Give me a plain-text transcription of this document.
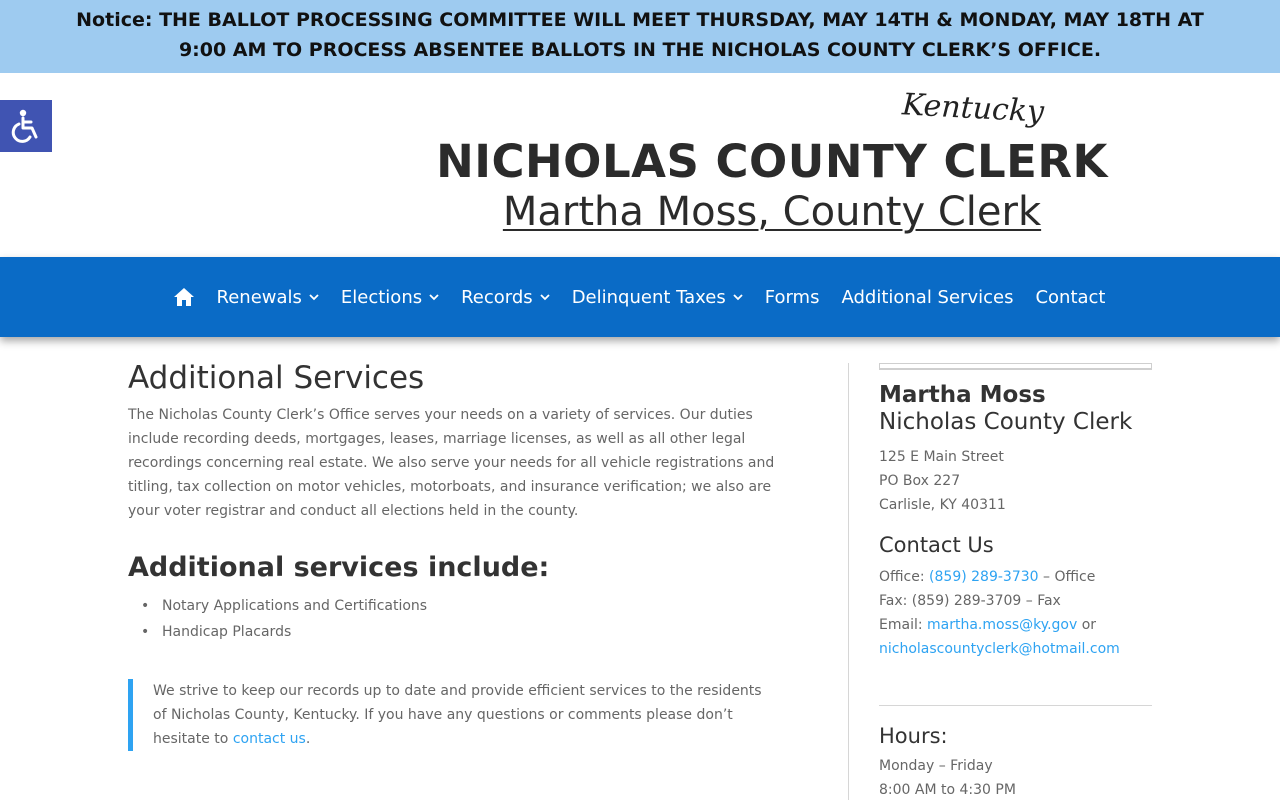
Notice: THE BALLOT PROCESSING COMMITTEE WILL MEET THURSDAY, MAY 14TH & MONDAY, MAY 18TH AT
9:00 AM TO PROCESS ABSENTEE BALLOTS IN THE NICHOLAS COUNTY CLERK’S OFFICE.
Kentucky
NICHOLAS COUNTY CLERK
Martha Moss, County Clerk
Renewals Elections Records Delinquent Taxes Forms Additional Services Contact
Additional Services

The Nicholas County Clerk’s Office serves your needs on a variety of services. Our duties include recording deeds, mortgages, leases, marriage licenses, as well as all other legal recordings concerning real estate. We also serve your needs for all vehicle registrations and titling, tax collection on motor vehicles, motorboats, and insurance verification; we also are your voter registrar and conduct all elections held in the county.

Additional services include:
• Notary Applications and Certifications
• Handicap Placards
We strive to keep our records up to date and provide efficient services to the residents of Nicholas County, Kentucky. If you have any questions or comments please don’t hesitate to contact us.
Martha Moss
Nicholas County Clerk
125 E Main Street
PO Box 227
Carlisle, KY 40311
Contact Us
Office: (859) 289-3730 – Office
Fax: (859) 289-3709 – Fax
Email: martha.moss@ky.gov or
nicholascountyclerk@hotmail.com
Hours:
Monday – Friday
8:00 AM to 4:30 PM
